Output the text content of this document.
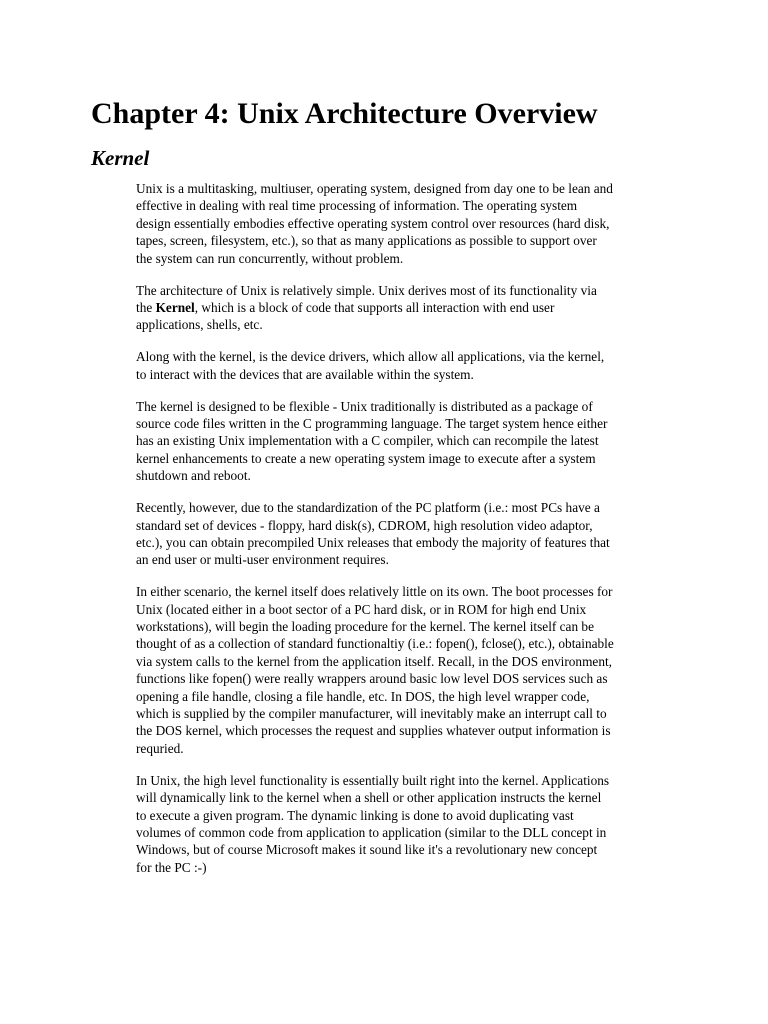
Chapter 4: Unix Architecture Overview
Kernel

Unix is a multitasking, multiuser, operating system, designed from day one to be lean and
effective in dealing with real time processing of information. The operating system
design essentially embodies effective operating system control over resources (hard disk,
tapes, screen, filesystem, etc.), so that as many applications as possible to support over
the system can run concurrently, without problem.

The architecture of Unix is relatively simple. Unix derives most of its functionality via
the Kernel, which is a block of code that supports all interaction with end user
applications, shells, etc.

Along with the kernel, is the device drivers, which allow all applications, via the kernel,
to interact with the devices that are available within the system.

The kernel is designed to be flexible - Unix traditionally is distributed as a package of
source code files written in the C programming language. The target system hence either
has an existing Unix implementation with a C compiler, which can recompile the latest
kernel enhancements to create a new operating system image to execute after a system
shutdown and reboot.

Recently, however, due to the standardization of the PC platform (i.e.: most PCs have a
standard set of devices - floppy, hard disk(s), CDROM, high resolution video adaptor,
etc.), you can obtain precompiled Unix releases that embody the majority of features that
an end user or multi-user environment requires.

In either scenario, the kernel itself does relatively little on its own. The boot processes for
Unix (located either in a boot sector of a PC hard disk, or in ROM for high end Unix
workstations), will begin the loading procedure for the kernel. The kernel itself can be
thought of as a collection of standard functionaltiy (i.e.: fopen(), fclose(), etc.), obtainable
via system calls to the kernel from the application itself. Recall, in the DOS environment,
functions like fopen() were really wrappers around basic low level DOS services such as
opening a file handle, closing a file handle, etc. In DOS, the high level wrapper code,
which is supplied by the compiler manufacturer, will inevitably make an interrupt call to
the DOS kernel, which processes the request and supplies whatever output information is
requried.

In Unix, the high level functionality is essentially built right into the kernel. Applications
will dynamically link to the kernel when a shell or other application instructs the kernel
to execute a given program. The dynamic linking is done to avoid duplicating vast
volumes of common code from application to application (similar to the DLL concept in
Windows, but of course Microsoft makes it sound like it's a revolutionary new concept
for the PC :-)
